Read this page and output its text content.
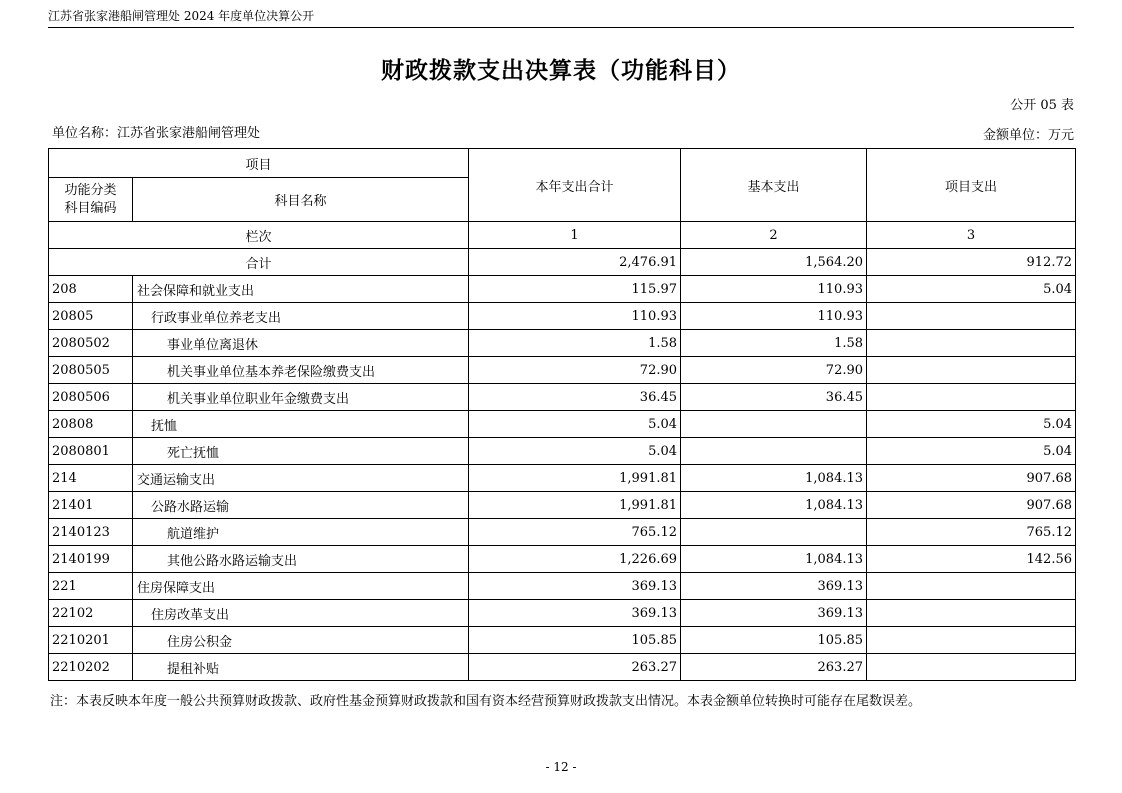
江苏省张家港船闸管理处 2024 年度单位决算公开
财政拨款支出决算表（功能科目）
公开 05 表
单位名称：江苏省张家港船闸管理处	金额单位：万元
项目		本年支出合计	基本支出	项目支出

功能分类
科目编码	科目名称			
栏次		1	2	3
合计		2,476.91	1,564.20	912.72
208	社会保障和就业支出	115.97	110.93	5.04
20805	行政事业单位养老支出	110.93	110.93	
2080502	事业单位离退休	1.58	1.58	
2080505	机关事业单位基本养老保险缴费支出	72.90	72.90	
2080506	机关事业单位职业年金缴费支出	36.45	36.45	
20808	抚恤	5.04		5.04
2080801	死亡抚恤	5.04		5.04
214	交通运输支出	1,991.81	1,084.13	907.68
21401	公路水路运输	1,991.81	1,084.13	907.68
2140123	航道维护	765.12		765.12
2140199	其他公路水路运输支出	1,226.69	1,084.13	142.56
221	住房保障支出	369.13	369.13	
22102	住房改革支出	369.13	369.13	
2210201	住房公积金	105.85	105.85	
2210202	提租补贴	263.27	263.27	
注：本表反映本年度一般公共预算财政拨款、政府性基金预算财政拨款和国有资本经营预算财政拨款支出情况。本表金额单位转换时可能存在尾数误差。
- 12 -
